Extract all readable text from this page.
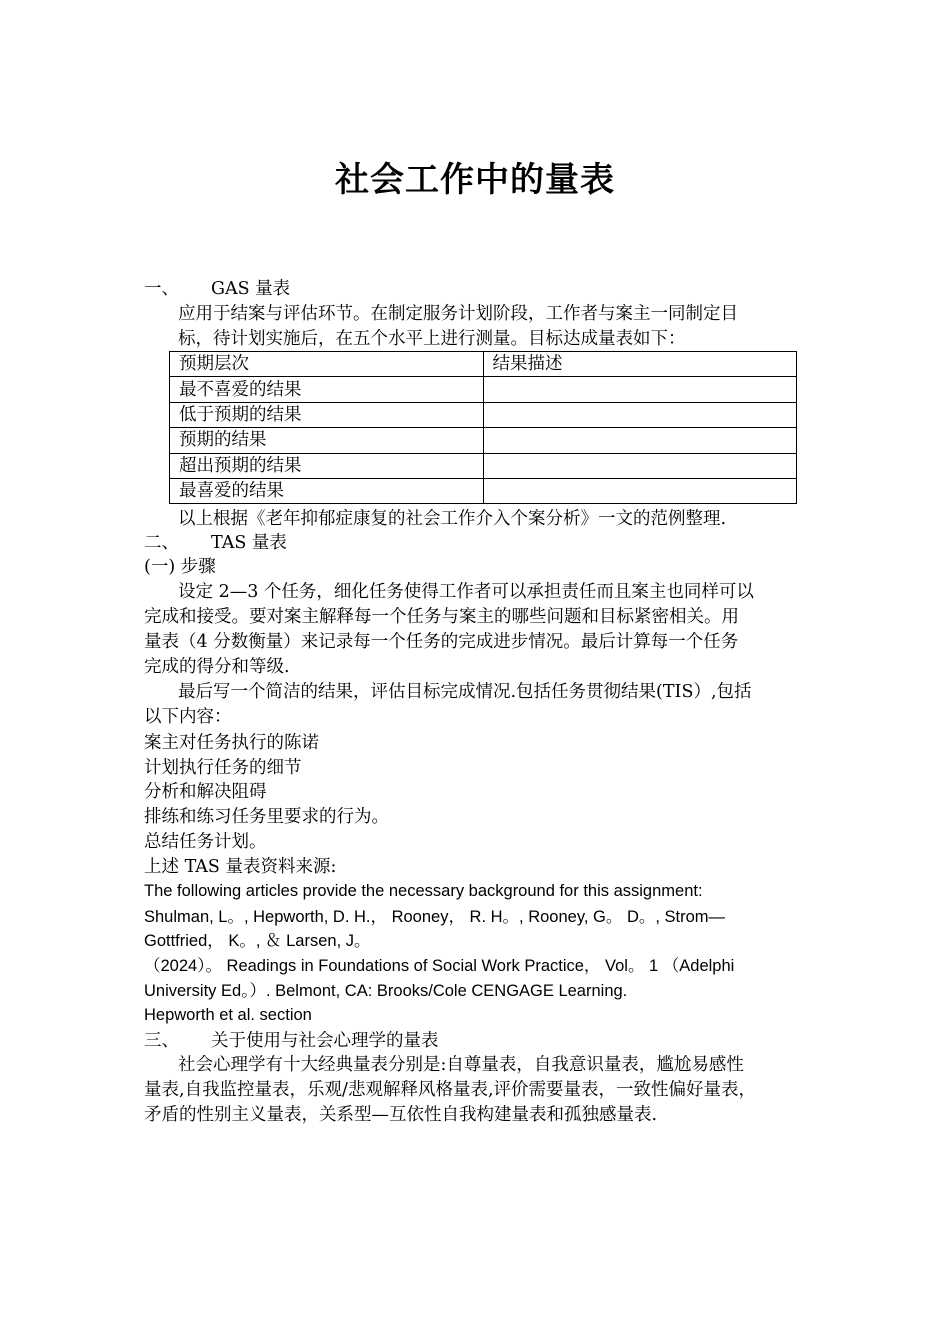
社会工作中的量表
一、 GAS 量表
应用于结案与评估环节。在制定服务计划阶段，工作者与案主一同制定目
标，待计划实施后，在五个水平上进行测量。目标达成量表如下：
预期层次	结果描述
最不喜爱的结果	
低于预期的结果	
预期的结果	
超出预期的结果	
最喜爱的结果	
以上根据《老年抑郁症康复的社会工作介入个案分析》一文的范例整理.
二、 TAS 量表
(一) 步骤
设定 2—3 个任务，细化任务使得工作者可以承担责任而且案主也同样可以
完成和接受。要对案主解释每一个任务与案主的哪些问题和目标紧密相关。用
量表（4 分数衡量）来记录每一个任务的完成进步情况。最后计算每一个任务
完成的得分和等级.
最后写一个简洁的结果，评估目标完成情况.包括任务贯彻结果(TIS）,包括
以下内容：
案主对任务执行的陈诺
计划执行任务的细节
分析和解决阻碍
排练和练习任务里要求的行为。
总结任务计划。
上述 TAS 量表资料来源:
The following articles provide the necessary background for this assignment:
Shulman, L。, Hepworth, D. H.， Rooney， R. H。, Rooney, G。 D。, Strom—
Gottfried， K。, ＆ Larsen, J。
（2024）。 Readings in Foundations of Social Work Practice， Vol。 1 （Adelphi
University Ed。）. Belmont, CA: Brooks/Cole CENGAGE Learning.
Hepworth et al. section
三、 关于使用与社会心理学的量表
社会心理学有十大经典量表分别是:自尊量表，自我意识量表，尴尬易感性
量表,自我监控量表，乐观/悲观解释风格量表,评价需要量表，一致性偏好量表，
矛盾的性别主义量表，关系型—互依性自我构建量表和孤独感量表.
